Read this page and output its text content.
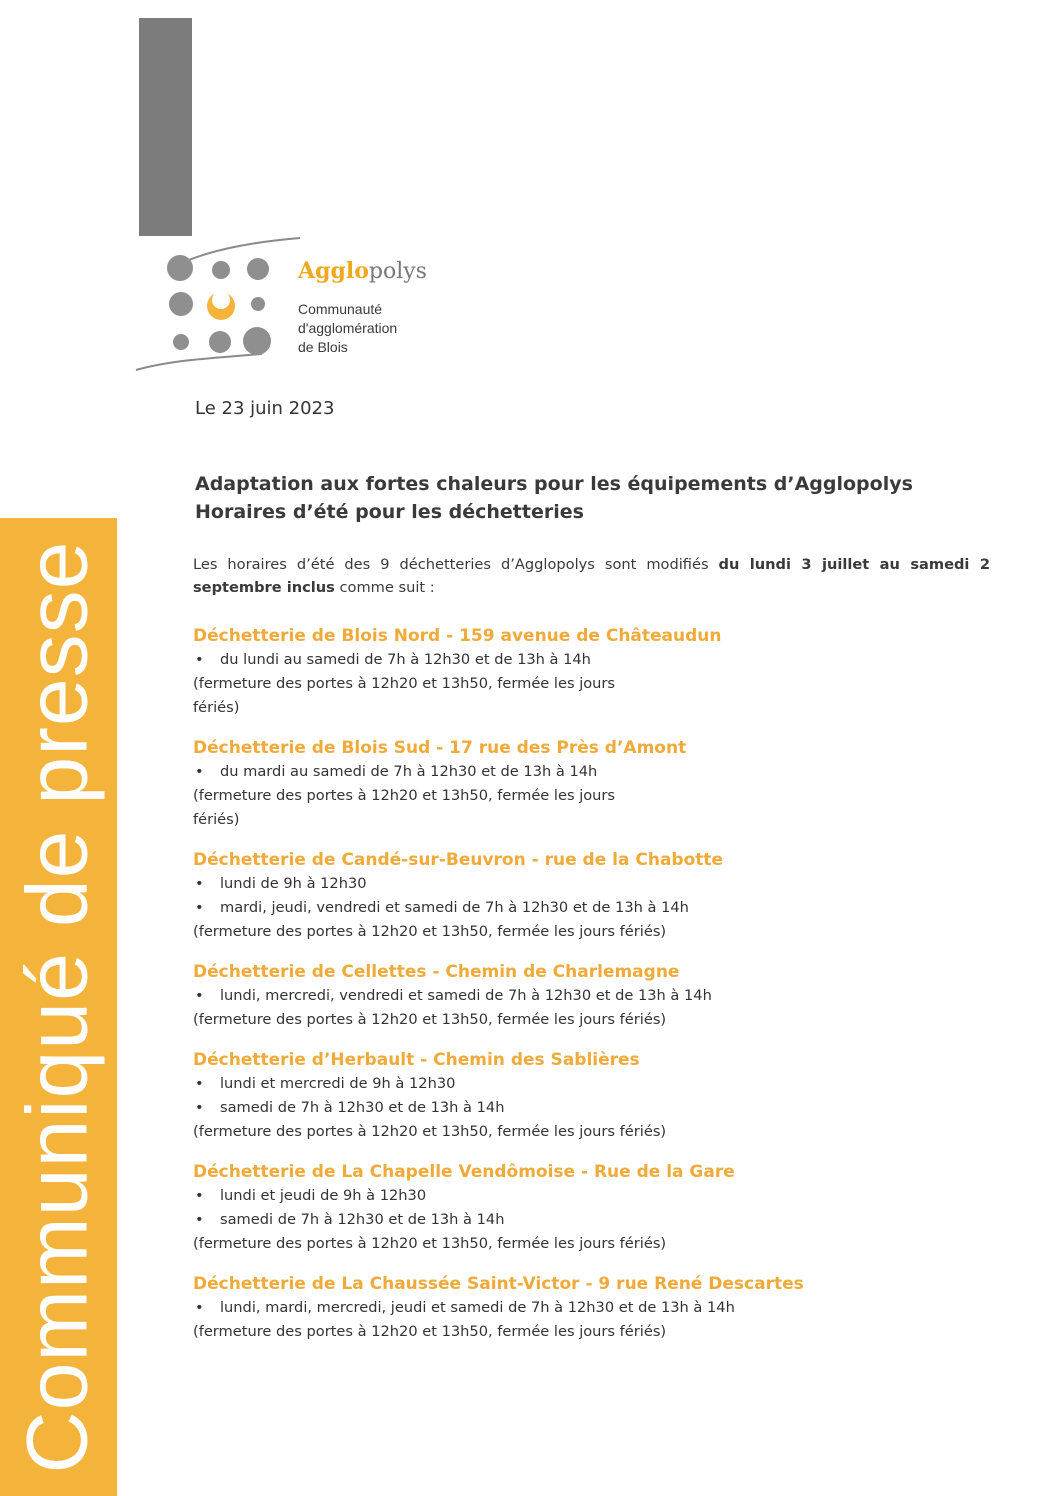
Agglopolys
Communauté
d'agglomération
de Blois
Communiqué de presse
Le 23 juin 2023
Adaptation aux fortes chaleurs pour les équipements d’Agglopolys
Horaires d’été pour les déchetteries
Les horaires d’été des 9 déchetteries d’Agglopolys sont modifiés du lundi 3 juillet au samedi 2 septembre inclus comme suit :
Déchetterie de Blois Nord - 159 avenue de Châteaudun
• du lundi au samedi de 7h à 12h30 et de 13h à 14h
(fermeture des portes à 12h20 et 13h50, fermée les jours fériés)
Déchetterie de Blois Sud - 17 rue des Près d’Amont
• du mardi au samedi de 7h à 12h30 et de 13h à 14h
(fermeture des portes à 12h20 et 13h50, fermée les jours fériés)
Déchetterie de Candé-sur-Beuvron - rue de la Chabotte
• lundi de 9h à 12h30
• mardi, jeudi, vendredi et samedi de 7h à 12h30 et de 13h à 14h
(fermeture des portes à 12h20 et 13h50, fermée les jours fériés)
Déchetterie de Cellettes - Chemin de Charlemagne
• lundi, mercredi, vendredi et samedi de 7h à 12h30 et de 13h à 14h
(fermeture des portes à 12h20 et 13h50, fermée les jours fériés)
Déchetterie d’Herbault - Chemin des Sablières
• lundi et mercredi de 9h à 12h30
• samedi de 7h à 12h30 et de 13h à 14h
(fermeture des portes à 12h20 et 13h50, fermée les jours fériés)
Déchetterie de La Chapelle Vendômoise - Rue de la Gare
• lundi et jeudi de 9h à 12h30
• samedi de 7h à 12h30 et de 13h à 14h
(fermeture des portes à 12h20 et 13h50, fermée les jours fériés)
Déchetterie de La Chaussée Saint-Victor - 9 rue René Descartes
• lundi, mardi, mercredi, jeudi et samedi de 7h à 12h30 et de 13h à 14h
(fermeture des portes à 12h20 et 13h50, fermée les jours fériés)
